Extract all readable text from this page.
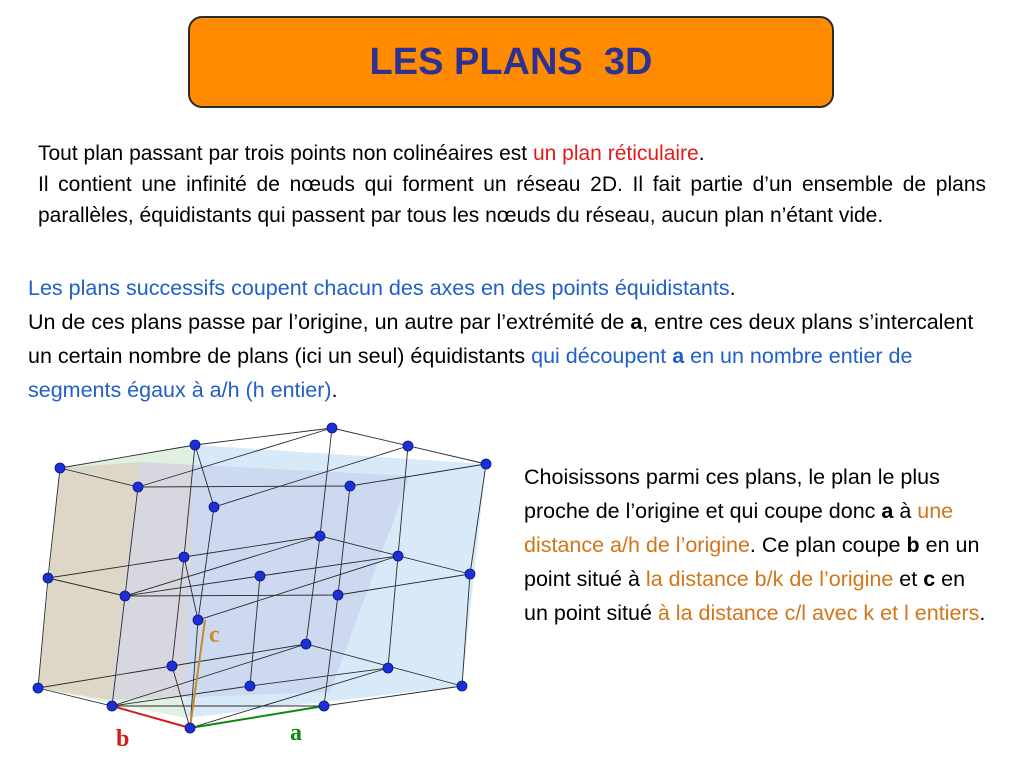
LES PLANS  3D
Tout plan passant par trois points non colinéaires est un plan réticulaire.
Il contient une infinité de nœuds qui forment un réseau 2D. Il fait partie d’un ensemble de plans parallèles, équidistants qui passent par tous les nœuds du réseau, aucun plan n’étant vide.
Les plans successifs coupent chacun des axes en des points équidistants.
Un de ces plans passe par l’origine, un autre par l’extrémité de a, entre ces deux plans s’intercalent un certain nombre de plans (ici un seul) équidistants qui découpent a en un nombre entier de segments égaux à a/h (h entier).
Choisissons parmi ces plans, le plan le plus proche de l’origine et qui coupe donc a à une distance a/h de l’origine. Ce plan coupe b en un point situé à la distance b/k de l’origine et c en un point situé à la distance c/l avec k et l entiers.
a
b
c
